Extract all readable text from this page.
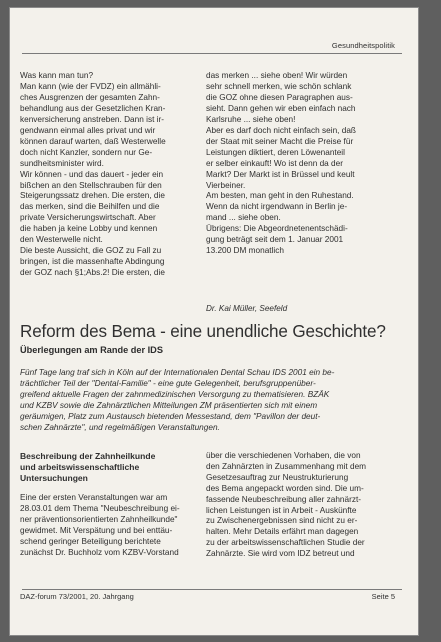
Gesundheitspolitik
Was kann man tun?
Man kann (wie der FVDZ) ein allmähli-
ches Ausgrenzen der gesamten Zahn-
behandlung aus der Gesetzlichen Kran-
kenversicherung anstreben. Dann ist ir-
gendwann einmal alles privat und wir
können darauf warten, daß Westerwelle
doch nicht Kanzler, sondern nur Ge-
sundheitsminister wird.
Wir können - und das dauert - jeder ein
bißchen an den Stellschrauben für den
Steigerungssatz drehen. Die ersten, die
das merken, sind die Beihilfen und die
private Versicherungswirtschaft. Aber
die haben ja keine Lobby und kennen
den Westerwelle nicht.
Die beste Aussicht, die GOZ zu Fall zu
bringen, ist die massenhafte Abdingung
der GOZ nach §1;Abs.2! Die ersten, die
das merken ... siehe oben! Wir würden
sehr schnell merken, wie schön schlank
die GOZ ohne diesen Paragraphen aus-
sieht. Dann gehen wir eben einfach nach
Karlsruhe ... siehe oben!
Aber es darf doch nicht einfach sein, daß
der Staat mit seiner Macht die Preise für
Leistungen diktiert, deren Löwenanteil
er selber einkauft! Wo ist denn da der
Markt? Der Markt ist in Brüssel und keult
Vierbeiner.
Am besten, man geht in den Ruhestand.
Wenn da nicht irgendwann in Berlin je-
mand ... siehe oben.
Übrigens: Die Abgeordnetenentschädi-
gung beträgt seit dem 1. Januar 2001
13.200 DM monatlich
Dr. Kai Müller, Seefeld
Reform des Bema - eine unendliche Geschichte?
Überlegungen am Rande der IDS
Fünf Tage lang traf sich in Köln auf der Internationalen Dental Schau IDS 2001 ein be-
trächtlicher Teil der "Dental-Familie" - eine gute Gelegenheit, berufsgruppenüber-
greifend aktuelle Fragen der zahnmedizinischen Versorgung zu thematisieren. BZÄK
und KZBV sowie die Zahnärztlichen Mitteilungen ZM präsentierten sich mit einem
geräumigen, Platz zum Austausch bietenden Messestand, dem "Pavillon der deut-
schen Zahnärzte", und regelmäßigen Veranstaltungen.
Beschreibung der Zahnheilkunde
und arbeitswissenschaftliche
Untersuchungen
Eine der ersten Veranstaltungen war am
28.03.01 dem Thema "Neubeschreibung ei-
ner präventionsorientierten Zahnheilkunde"
gewidmet. Mit Verspätung und bei enttäu-
schend geringer Beteiligung berichtete
zunächst Dr. Buchholz vom KZBV-Vorstand
über die verschiedenen Vorhaben, die von
den Zahnärzten in Zusammenhang mit dem
Gesetzesauftrag zur Neustrukturierung
des Bema angepackt worden sind. Die um-
fassende Neubeschreibung aller zahnärzt-
lichen Leistungen ist in Arbeit - Auskünfte
zu Zwischenergebnissen sind nicht zu er-
halten. Mehr Details erfährt man dagegen
zu der arbeitswissenschaftlichen Studie der
Zahnärzte. Sie wird vom IDZ betreut und
DAZ-forum 73/2001, 20. Jahrgang	Seite 5
